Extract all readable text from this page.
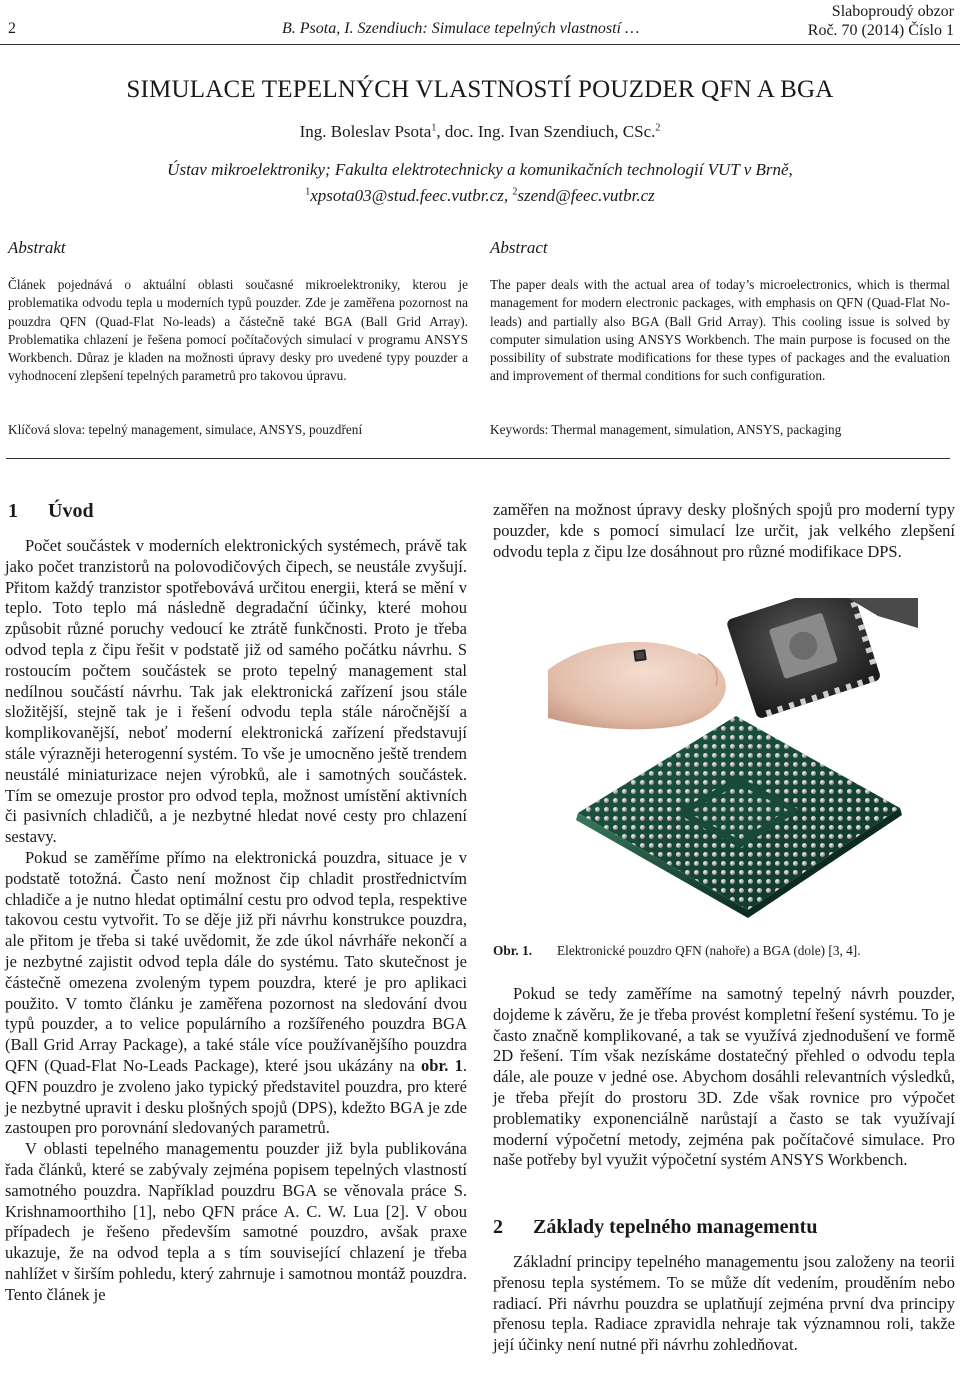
2	B. Psota, I. Szendiuch: Simulace tepelných vlastností …
Slaboproudý obzor
Roč. 70 (2014) Číslo 1
SIMULACE TEPELNÝCH VLASTNOSTÍ POUZDER QFN A BGA
Ing. Boleslav Psota$^1$, doc. Ing. Ivan Szendiuch, CSc.$^2$
Ústav mikroelektroniky; Fakulta elektrotechnicky a komunikačních technologií VUT v Brně,
$^1$xpsota03@stud.feec.vutbr.cz, $^2$szend@feec.vutbr.cz
Abstrakt
Článek pojednává o aktuální oblasti současné mikroelektroniky, kterou je problematika odvodu tepla u moderních typů pouzder. Zde je zaměřena pozornost na pouzdra QFN (Quad-Flat No-leads) a částečně také BGA (Ball Grid Array). Problematika chlazení je řešena pomocí počítačových simulací v programu ANSYS Workbench. Důraz je kladen na možnosti úpravy desky pro uvedené typy pouzder a vyhodnocení zlepšení tepelných parametrů pro takovou úpravu.
Klíčová slova: tepelný management, simulace, ANSYS, pouzdření
Abstract
The paper deals with the actual area of today’s microelectronics, which is thermal management for modern electronic packages, with emphasis on QFN (Quad-Flat No-leads) and partially also BGA (Ball Grid Array). This cooling issue is solved by computer simulation using ANSYS Workbench. The main purpose is focused on the possibility of substrate modifications for these types of packages and the evaluation and improvement of thermal conditions for such configuration.
Keywords: Thermal management, simulation, ANSYS, packaging
1 Úvod

Počet součástek v moderních elektronických systémech, právě tak jako počet tranzistorů na polovodičových čipech, se neustále zvyšují. Přitom každý tranzistor spotřebovává určitou energii, která se mění v teplo. Toto teplo má následně degradační účinky, které mohou způsobit různé poruchy vedoucí ke ztrátě funkčnosti. Proto je třeba odvod tepla z čipu řešit v podstatě již od samého počátku návrhu. S rostoucím počtem součástek se proto tepelný management stal nedílnou součástí návrhu. Tak jak elektronická zařízení jsou stále složitější, stejně tak je i řešení odvodu tepla stále náročnější a komplikovanější, neboť moderní elektronická zařízení představují stále výrazněji heterogenní systém. To vše je umocněno ještě trendem neustálé miniaturizace nejen výrobků, ale i samotných součástek. Tím se omezuje prostor pro odvod tepla, možnost umístění aktivních či pasivních chladičů, a je nezbytné hledat nové cesty pro chlazení sestavy.

Pokud se zaměříme přímo na elektronická pouzdra, situace je v podstatě totožná. Často není možnost čip chladit prostřednictvím chladiče a je nutno hledat optimální cestu pro odvod tepla, respektive takovou cestu vytvořit. To se děje již při návrhu konstrukce pouzdra, ale přitom je třeba si také uvědomit, že zde úkol návrháře nekončí a je nezbytné zajistit odvod tepla dále do systému. Tato skutečnost je částečně omezena zvoleným typem pouzdra, které je pro aplikaci použito. V tomto článku je zaměřena pozornost na sledování dvou typů pouzder, a to velice populárního a rozšířeného pouzdra BGA (Ball Grid Array Package), a také stále více používanějšího pouzdra QFN (Quad-Flat No-Leads Package), které jsou ukázány na obr. 1. QFN pouzdro je zvoleno jako typický představitel pouzdra, pro které je nezbytné upravit i desku plošných spojů (DPS), kdežto BGA je zde zastoupen pro porovnání sledovaných parametrů.

V oblasti tepelného managementu pouzder již byla publikována řada článků, které se zabývaly zejména popisem tepelných vlastností samotného pouzdra. Například pouzdru BGA se věnovala práce S. Krishnamoorthiho [1], nebo QFN práce A. C. W. Lua [2]. V obou případech je řešeno především samotné pouzdro, avšak praxe ukazuje, že na odvod tepla a s tím související chlazení je třeba nahlížet v širším pohledu, který zahrnuje i samotnou montáž pouzdra. Tento článek je

zaměřen na možnost úpravy desky plošných spojů pro moderní typy pouzder, kde s pomocí simulací lze určit, jak velkého zlepšení odvodu tepla z čipu lze dosáhnout pro různé modifikace DPS.

Obr. 1. Elektronické pouzdro QFN (nahoře) a BGA (dole) [3, 4].

Pokud se tedy zaměříme na samotný tepelný návrh pouzder, dojdeme k závěru, že je třeba provést kompletní řešení systému. To je často značně komplikované, a tak se využívá zjednodušení ve formě 2D řešení. Tím však nezískáme dostatečný přehled o odvodu tepla dále, ale pouze v jedné ose. Abychom dosáhli relevantních výsledků, je třeba přejít do prostoru 3D. Zde však rovnice pro výpočet problematiky exponenciálně narůstají a často se tak využívají moderní výpočetní metody, zejména pak počítačové simulace. Pro naše potřeby byl využit výpočetní systém ANSYS Workbench.

2 Základy tepelného managementu

Základní principy tepelného managementu jsou založeny na teorii přenosu tepla systémem. To se může dít vedením, prouděním nebo radiací. Při návrhu pouzdra se uplatňují zejména první dva principy přenosu tepla. Radiace zpravidla nehraje tak významnou roli, takže její účinky není nutné při návrhu zohledňovat.
